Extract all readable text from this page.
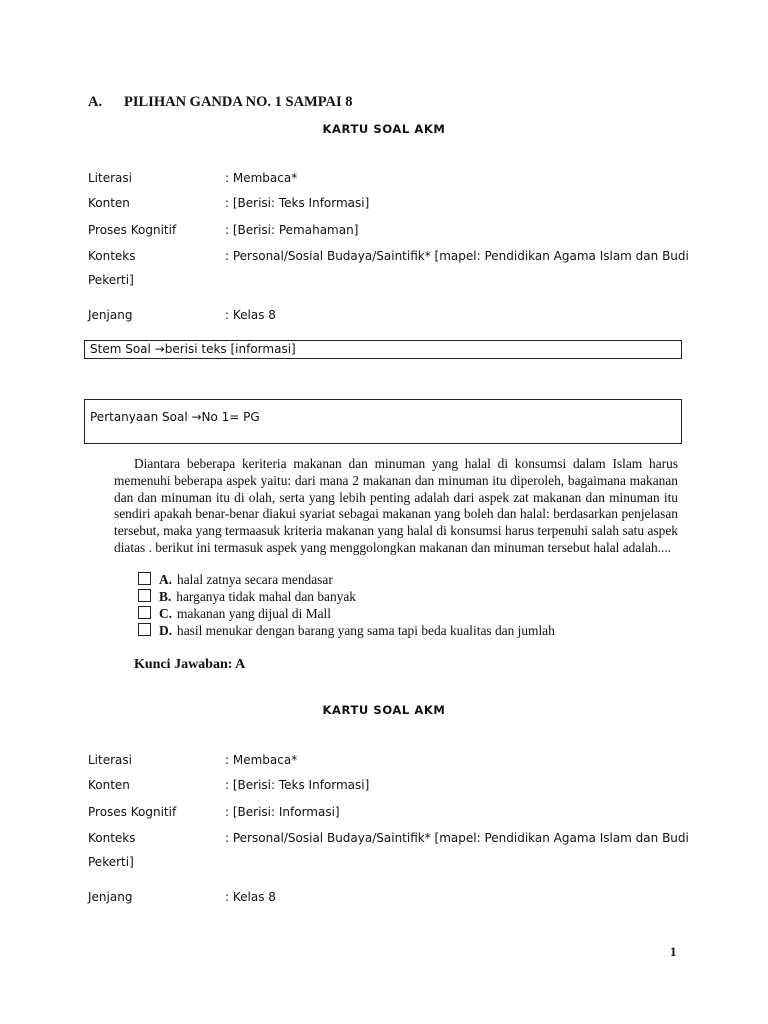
A. PILIHAN GANDA NO. 1 SAMPAI 8
KARTU SOAL AKM
Literasi	: Membaca*
Konten	: [Berisi: Teks Informasi]
Proses Kognitif	: [Berisi: Pemahaman]
Konteks	: Personal/Sosial Budaya/Saintifik* [mapel: Pendidikan Agama Islam dan Budi
Pekerti]
Jenjang	: Kelas 8
Stem Soal →berisi teks [informasi]
Pertanyaan Soal →No 1= PG
Diantara beberapa keriteria makanan dan minuman yang halal di konsumsi dalam Islam harus memenuhi beberapa aspek yaitu: dari mana 2 makanan dan minuman itu diperoleh, bagaimana makanan dan dan minuman itu di olah, serta yang lebih penting adalah dari aspek zat makanan dan minuman itu sendiri apakah benar-benar diakui syariat sebagai makanan yang boleh dan halal: berdasarkan penjelasan tersebut, maka yang termaasuk kriteria makanan yang halal di konsumsi harus terpenuhi salah satu aspek diatas . berikut ini termasuk aspek yang menggolongkan makanan dan minuman tersebut halal adalah....
A. halal zatnya secara mendasar
B. harganya tidak mahal dan banyak
C. makanan yang dijual di Mall
D. hasil menukar dengan barang yang sama tapi beda kualitas dan jumlah
Kunci Jawaban: A
KARTU SOAL AKM
Literasi	: Membaca*
Konten	: [Berisi: Teks Informasi]
Proses Kognitif	: [Berisi: Informasi]
Konteks	: Personal/Sosial Budaya/Saintifik* [mapel: Pendidikan Agama Islam dan Budi
Pekerti]
Jenjang	: Kelas 8
1
